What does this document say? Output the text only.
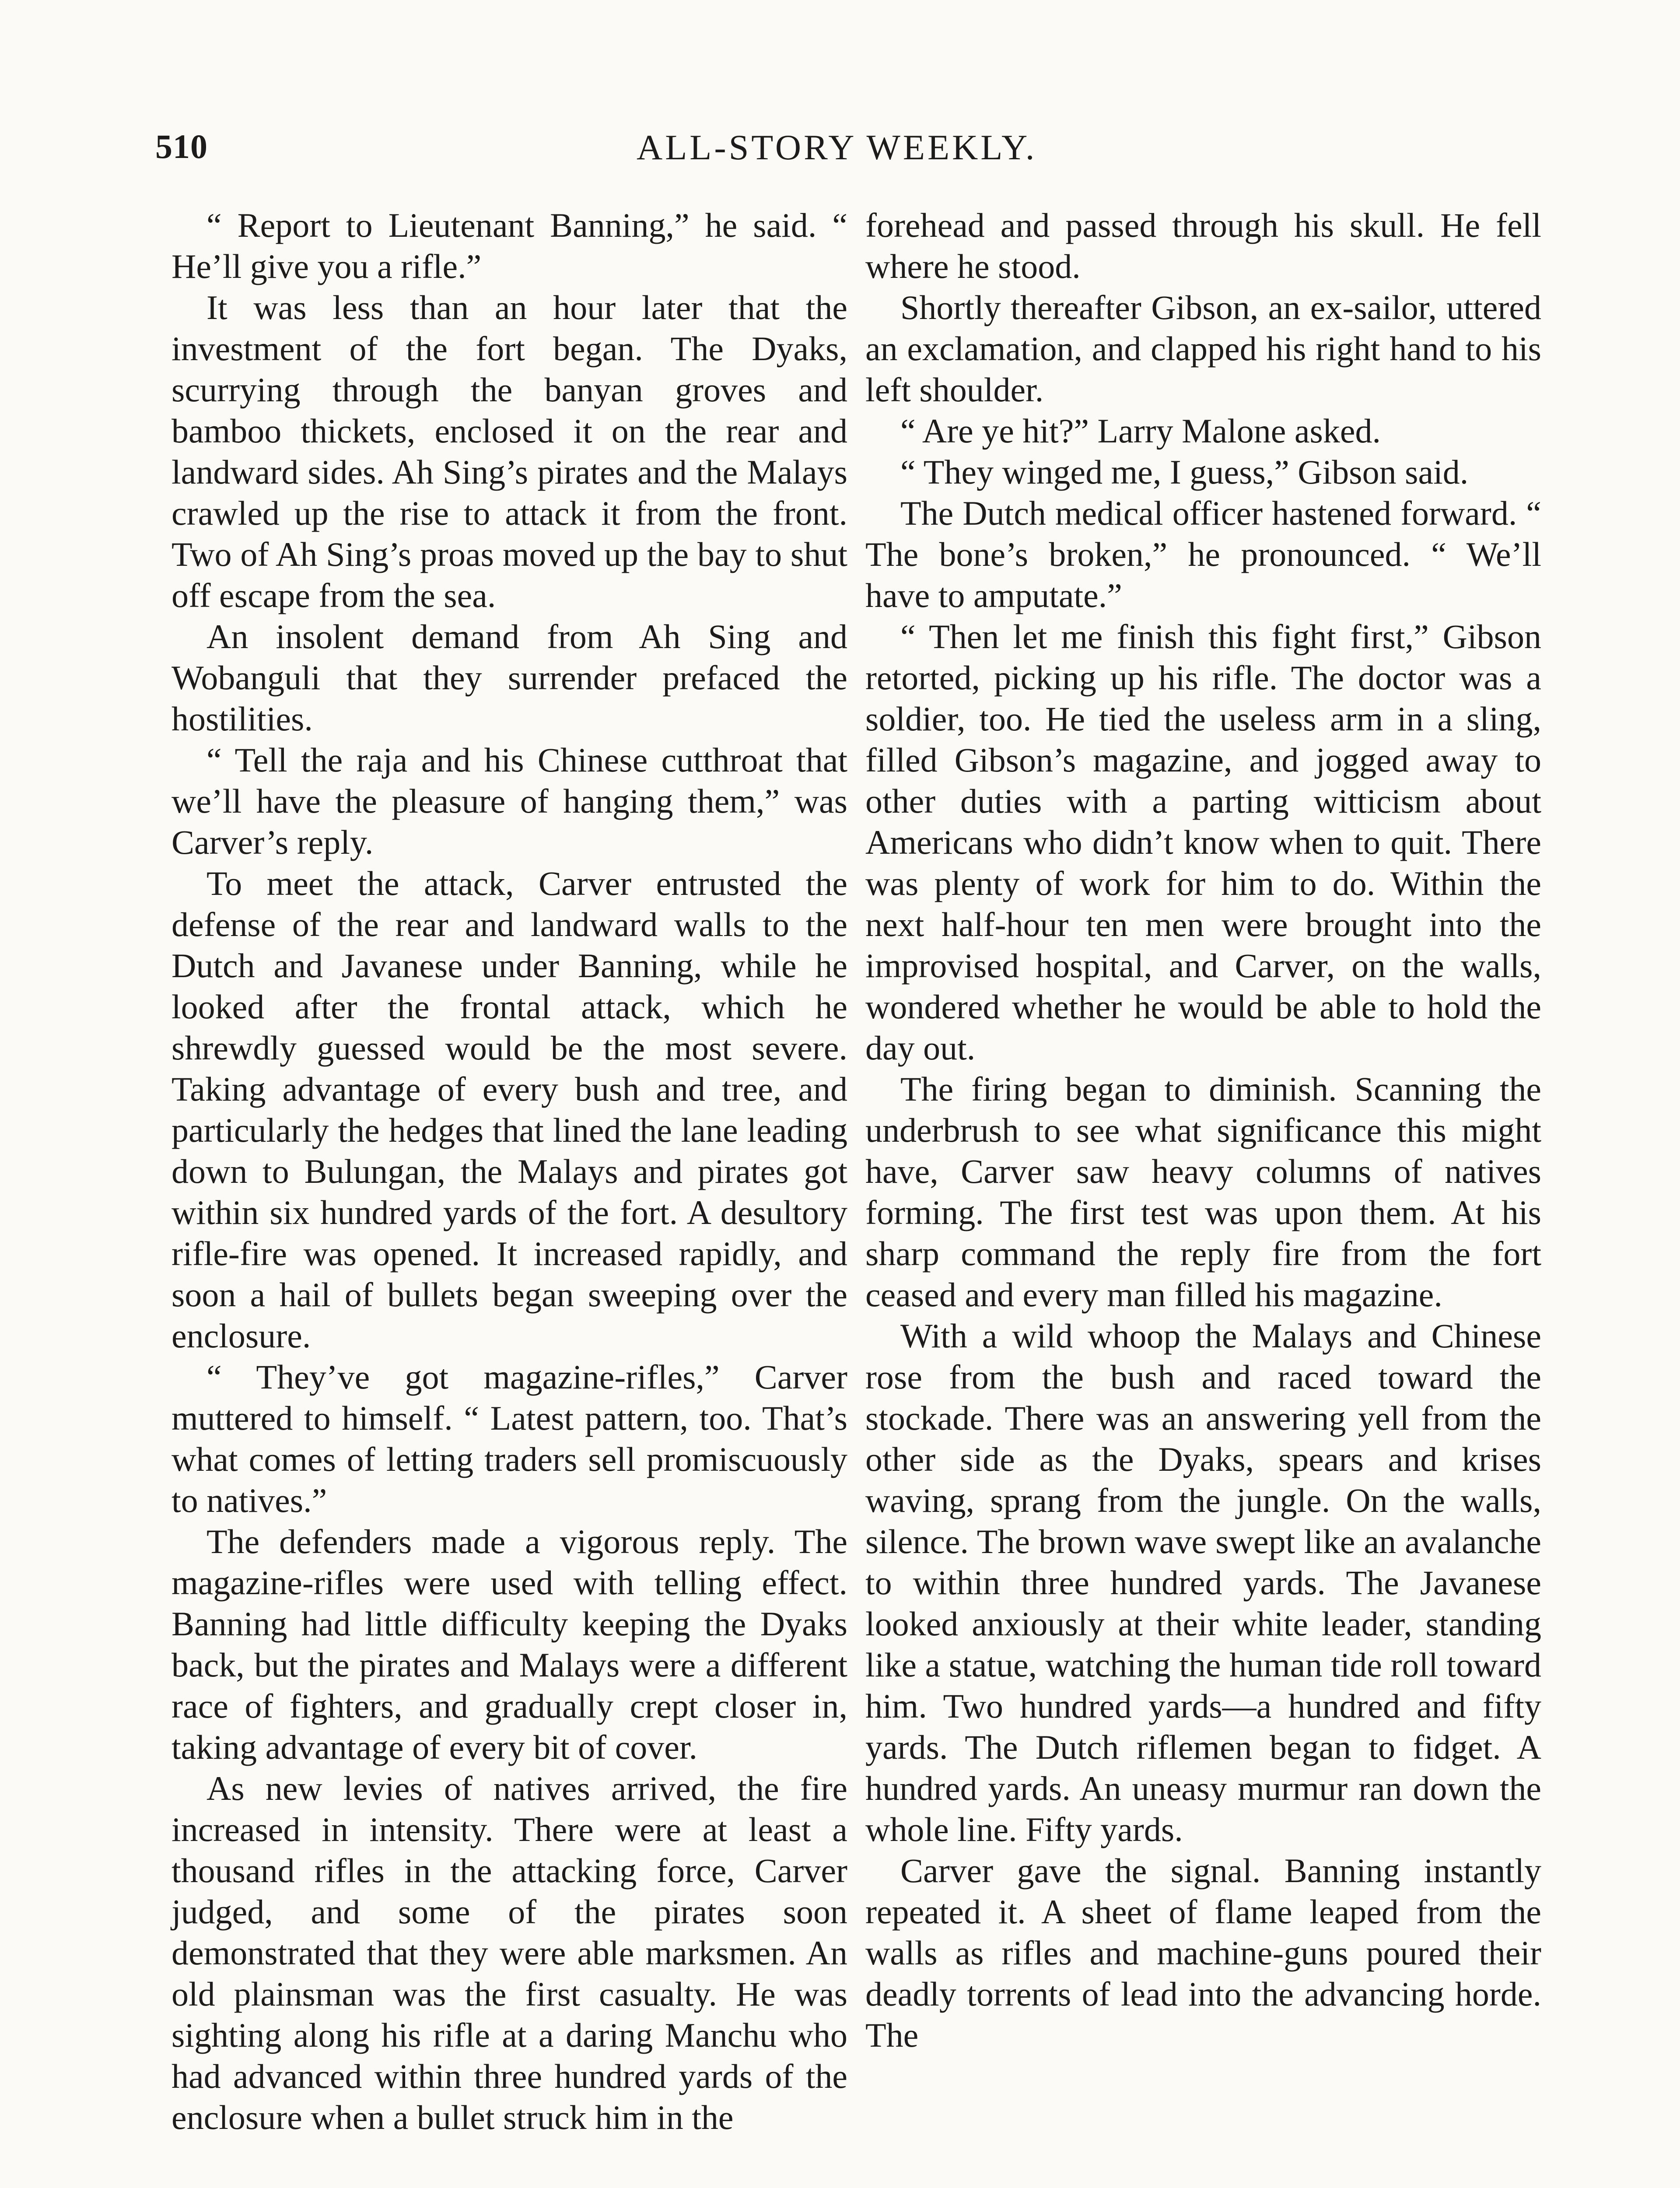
510	ALL-STORY WEEKLY.

“ Report to Lieutenant Banning,” he said. “ He’ll give you a rifle.”

It was less than an hour later that the investment of the fort began. The Dyaks, scurrying through the banyan groves and bamboo thickets, enclosed it on the rear and landward sides. Ah Sing’s pirates and the Malays crawled up the rise to attack it from the front. Two of Ah Sing’s proas moved up the bay to shut off escape from the sea.

An insolent demand from Ah Sing and Wobanguli that they surrender prefaced the hostilities.

“ Tell the raja and his Chinese cutthroat that we’ll have the pleasure of hanging them,” was Carver’s reply.

To meet the attack, Carver entrusted the defense of the rear and landward walls to the Dutch and Javanese under Banning, while he looked after the frontal attack, which he shrewdly guessed would be the most severe. Taking advantage of every bush and tree, and particularly the hedges that lined the lane leading down to Bulungan, the Malays and pirates got within six hundred yards of the fort. A desultory rifle-fire was opened. It increased rapidly, and soon a hail of bullets began sweeping over the enclosure.

“ They’ve got magazine-rifles,” Carver muttered to himself. “ Latest pattern, too. That’s what comes of letting traders sell promiscuously to natives.”

The defenders made a vigorous reply. The magazine-rifles were used with telling effect. Banning had little difficulty keeping the Dyaks back, but the pirates and Malays were a different race of fighters, and gradually crept closer in, taking advantage of every bit of cover.

As new levies of natives arrived, the fire increased in intensity. There were at least a thousand rifles in the attacking force, Carver judged, and some of the pirates soon demonstrated that they were able marksmen. An old plainsman was the first casualty. He was sighting along his rifle at a daring Manchu who had advanced within three hundred yards of the enclosure when a bullet struck him in the

forehead and passed through his skull. He fell where he stood.

Shortly thereafter Gibson, an ex-sailor, uttered an exclamation, and clapped his right hand to his left shoulder.

“ Are ye hit?” Larry Malone asked.

“ They winged me, I guess,” Gibson said.

The Dutch medical officer hastened forward. “ The bone’s broken,” he pronounced. “ We’ll have to amputate.”

“ Then let me finish this fight first,” Gibson retorted, picking up his rifle. The doctor was a soldier, too. He tied the useless arm in a sling, filled Gibson’s magazine, and jogged away to other duties with a parting witticism about Americans who didn’t know when to quit. There was plenty of work for him to do. Within the next half-hour ten men were brought into the improvised hospital, and Carver, on the walls, wondered whether he would be able to hold the day out.

The firing began to diminish. Scanning the underbrush to see what significance this might have, Carver saw heavy columns of natives forming. The first test was upon them. At his sharp command the reply fire from the fort ceased and every man filled his magazine.

With a wild whoop the Malays and Chinese rose from the bush and raced toward the stockade. There was an answering yell from the other side as the Dyaks, spears and krises waving, sprang from the jungle. On the walls, silence. The brown wave swept like an avalanche to within three hundred yards. The Javanese looked anxiously at their white leader, standing like a statue, watching the human tide roll toward him. Two hundred yards—a hundred and fifty yards. The Dutch riflemen began to fidget. A hundred yards. An uneasy murmur ran down the whole line. Fifty yards.

Carver gave the signal. Banning instantly repeated it. A sheet of flame leaped from the walls as rifles and machine-guns poured their deadly torrents of lead into the advancing horde. The
